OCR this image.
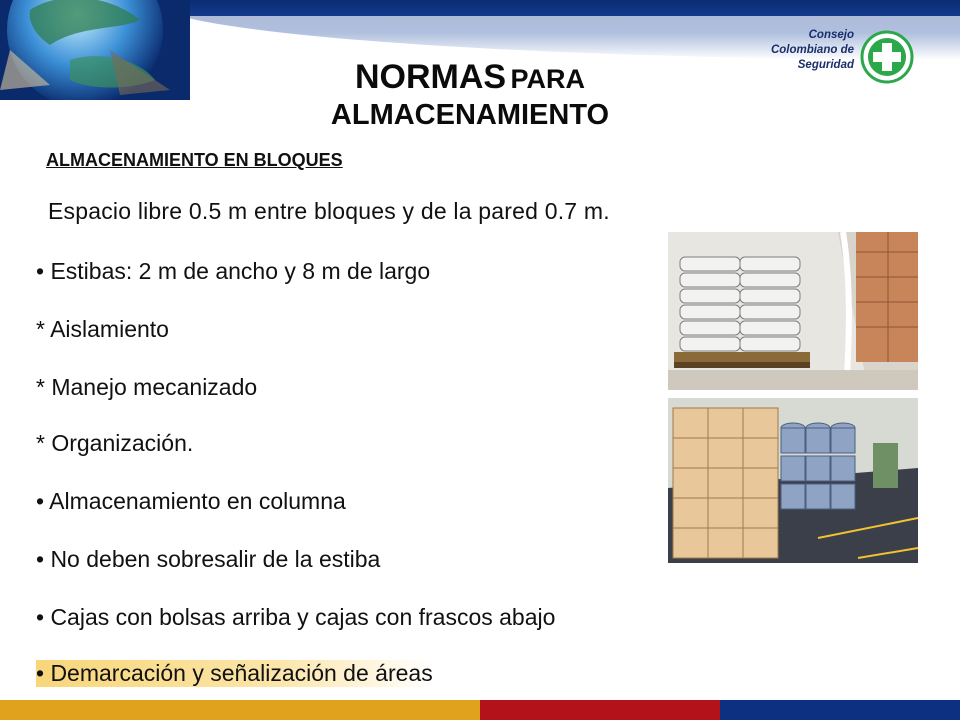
Consejo
Colombiano de
Seguridad
NORMAS PARA
ALMACENAMIENTO
ALMACENAMIENTO EN BLOQUES
Espacio libre 0.5 m entre bloques y de la pared 0.7 m.
• Estibas: 2 m de ancho y 8 m de largo
* Aislamiento
* Manejo mecanizado
* Organización.
• Almacenamiento en columna
• No deben sobresalir de la estiba
• Cajas con bolsas arriba y cajas con frascos abajo
• Demarcación y señalización de áreas
